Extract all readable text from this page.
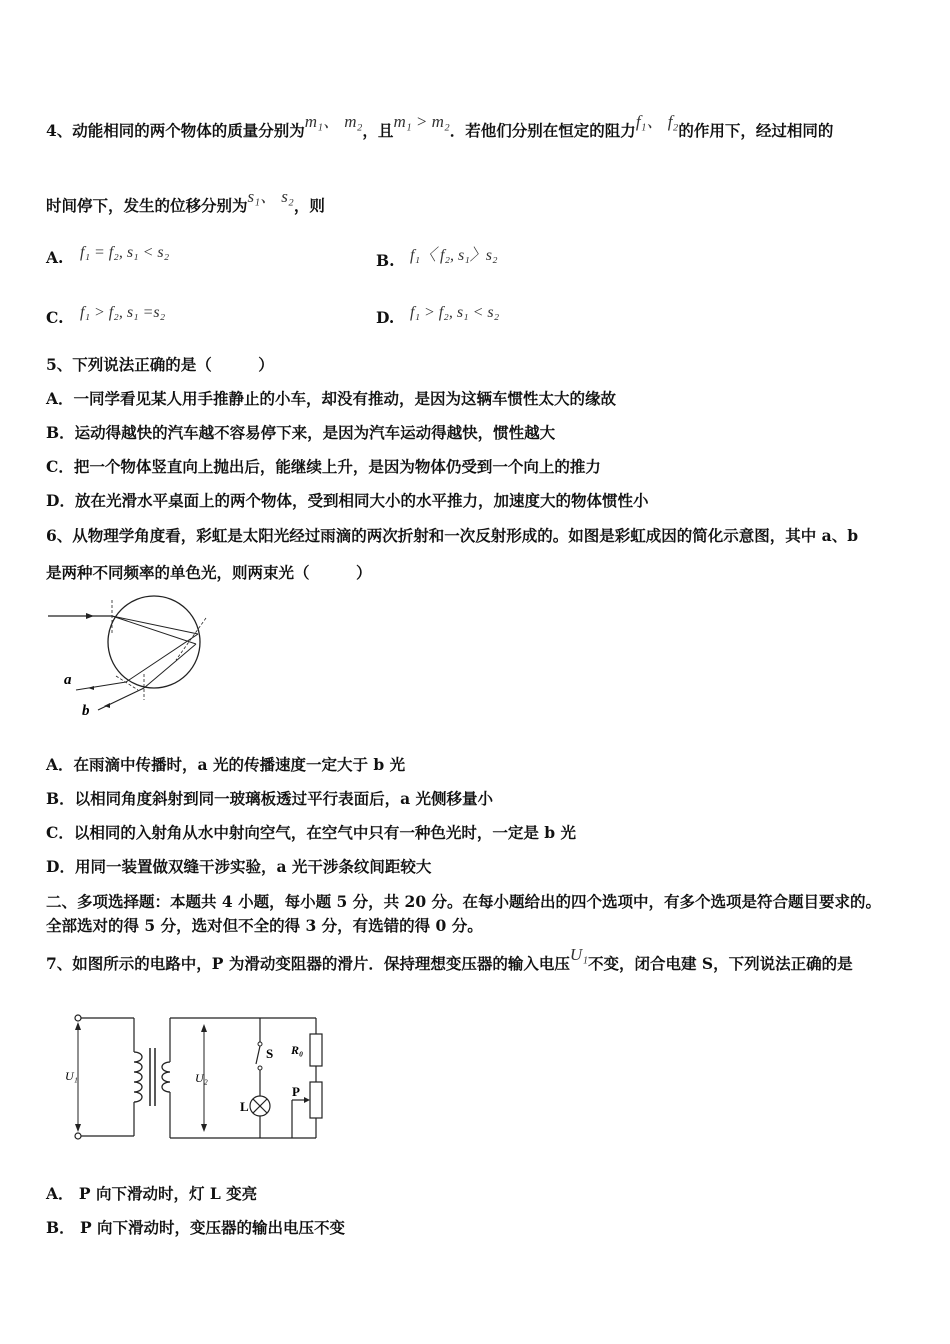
4、动能相同的两个物体的质量分别为m₁、 m₂，且m₁ > m₂．若他们分别在恒定的阻力f₁、 f₂的作用下，经过相同的
时间停下，发生的位移分别为s₁、 s₂，则
A. f₁ = f₂, s₁ < s₂	B. f₁〈 f₂, s₁〉s₂
C. f₁ > f₂, s₁ =s₂	D. f₁ > f₂, s₁ < s₂
5、下列说法正确的是（　　　）
A．一同学看见某人用手推静止的小车，却没有推动，是因为这辆车惯性太大的缘故
B．运动得越快的汽车越不容易停下来，是因为汽车运动得越快，惯性越大
C．把一个物体竖直向上抛出后，能继续上升，是因为物体仍受到一个向上的推力
D．放在光滑水平桌面上的两个物体，受到相同大小的水平推力，加速度大的物体惯性小
6、从物理学角度看，彩虹是太阳光经过雨滴的两次折射和一次反射形成的。如图是彩虹成因的简化示意图，其中 a、b
是两种不同频率的单色光，则两束光（　　　）
a
b
A．在雨滴中传播时，a 光的传播速度一定大于 b 光
B．以相同角度斜射到同一玻璃板透过平行表面后，a 光侧移量小
C．以相同的入射角从水中射向空气，在空气中只有一种色光时，一定是 b 光
D．用同一装置做双缝干涉实验，a 光干涉条纹间距较大
二、多项选择题：本题共 4 小题，每小题 5 分，共 20 分。在每小题给出的四个选项中，有多个选项是符合题目要求的。
全部选对的得 5 分，选对但不全的得 3 分，有选错的得 0 分。
7、如图所示的电路中，P 为滑动变阻器的滑片．保持理想变压器的输入电压U₁不变，闭合电建 S，下列说法正确的是
U₁	U₂
S
L
R₀
P
A． P 向下滑动时，灯 L 变亮
B． P 向下滑动时，变压器的输出电压不变
